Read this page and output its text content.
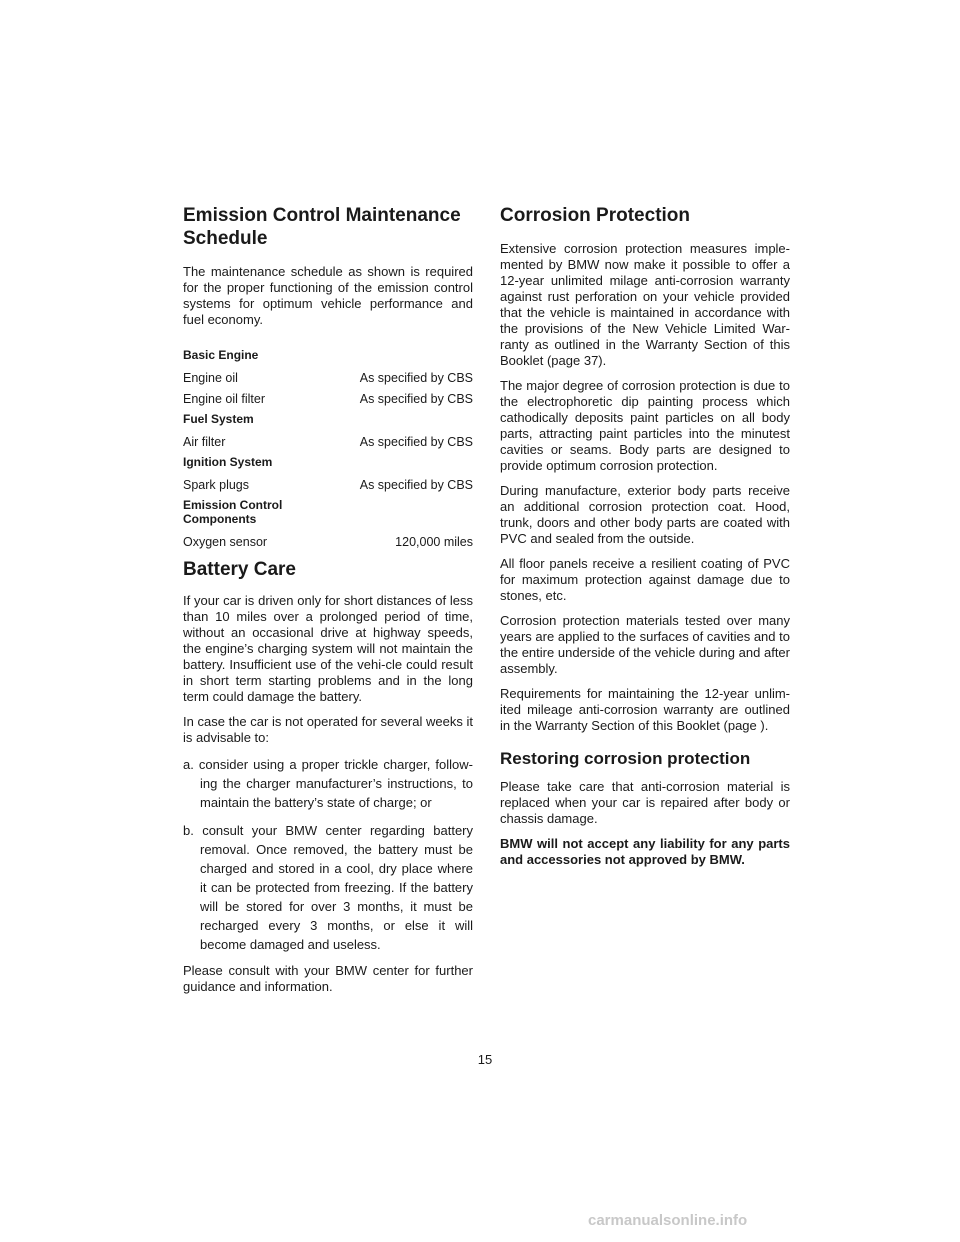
Emission Control Maintenance
Schedule

The maintenance schedule as shown is required for the proper functioning of the emission control systems for optimum vehicle performance and fuel economy.

Basic Engine
Engine oil	As specified by CBS
Engine oil filter	As specified by CBS
Fuel System
Air filter	As specified by CBS
Ignition System
Spark plugs	As specified by CBS
Emission Control
Components
Oxygen sensor	120,000 miles
Battery Care

If your car is driven only for short distances of less than 10 miles over a prolonged period of time, without an occasional drive at highway speeds, the engine’s charging system will not maintain the battery. Insufficient use of the vehi-cle could result in short term starting problems and in the long term could damage the battery.

In case the car is not operated for several weeks it is advisable to:

a. consider using a proper trickle charger, follow-ing the charger manufacturer’s instructions, to maintain the battery’s state of charge; or
b. consult your BMW center regarding battery removal. Once removed, the battery must be charged and stored in a cool, dry place where it can be protected from freezing. If the battery will be stored for over 3 months, it must be recharged every 3 months, or else it will become damaged and useless.

Please consult with your BMW center for further guidance and information.

Corrosion Protection

Extensive corrosion protection measures imple-mented by BMW now make it possible to offer a 12-year unlimited milage anti-corrosion warranty against rust perforation on your vehicle provided that the vehicle is maintained in accordance with the provisions of the New Vehicle Limited War-ranty as outlined in the Warranty Section of this Booklet (page 37).

The major degree of corrosion protection is due to the electrophoretic dip painting process which cathodically deposits paint particles on all body parts, attracting paint particles into the minutest cavities or seams. Body parts are designed to provide optimum corrosion protection.

During manufacture, exterior body parts receive an additional corrosion protection coat. Hood, trunk, doors and other body parts are coated with PVC and sealed from the outside.

All floor panels receive a resilient coating of PVC for maximum protection against damage due to stones, etc.

Corrosion protection materials tested over many years are applied to the surfaces of cavities and to the entire underside of the vehicle during and after assembly.

Requirements for maintaining the 12-year unlim-ited mileage anti-corrosion warranty are outlined in the Warranty Section of this Booklet (page ).

Restoring corrosion protection

Please take care that anti-corrosion material is replaced when your car is repaired after body or chassis damage.

BMW will not accept any liability for any parts and accessories not approved by BMW.

15
carmanualsonline.info
